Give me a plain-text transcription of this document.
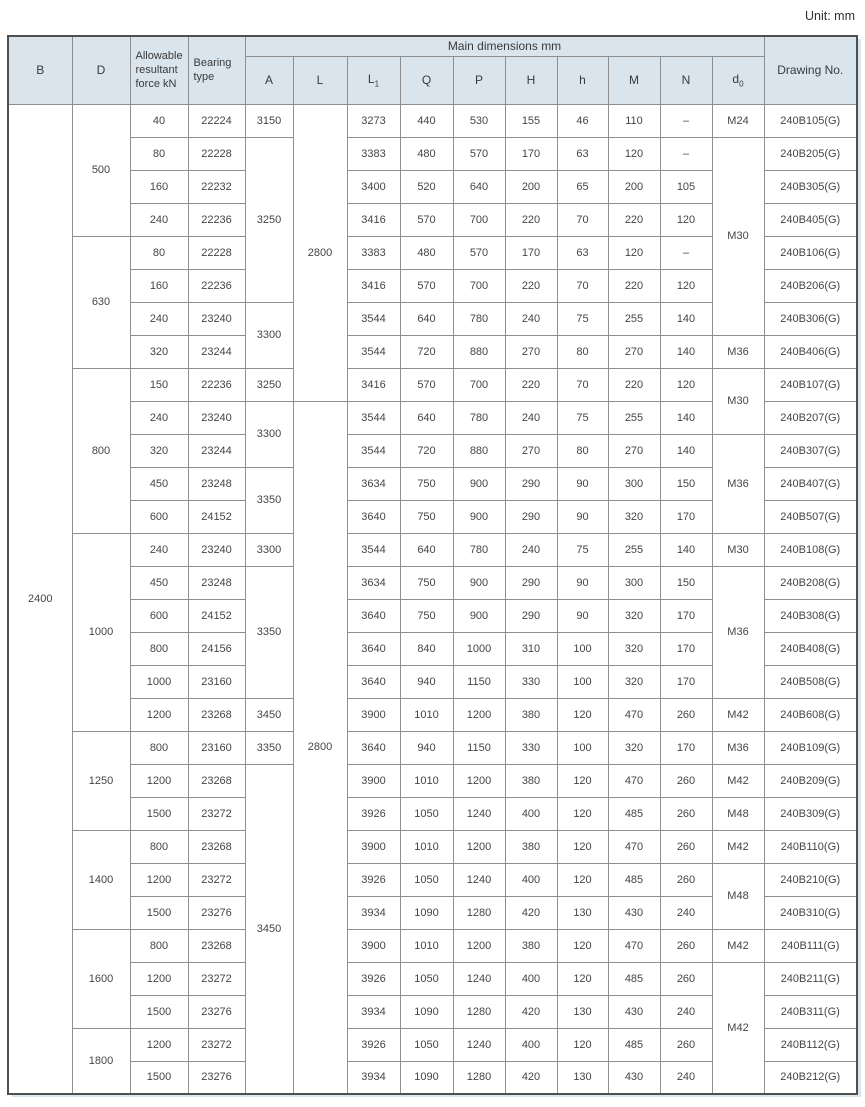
Unit: mm
B	D	Allowable resultant force kN	Bearing type	Main dimensions mm										Drawing No.
				A	L	$L_1$	Q	P	H	h	M	N	$d_0$
2400	500	40	22224	3150	2800	3273	440	530	155	46	110	–	M24	240B105(G)
		80	22228	3250		3383	480	570	170	63	120	–	M30	240B205(G)
		160	22232			3400	520	640	200	65	200	105		240B305(G)
		240	22236			3416	570	700	220	70	220	120		240B405(G)
	630	80	22228			3383	480	570	170	63	120	–		240B106(G)
		160	22236			3416	570	700	220	70	220	120		240B206(G)
		240	23240	3300		3544	640	780	240	75	255	140		240B306(G)
		320	23244			3544	720	880	270	80	270	140	M36	240B406(G)
	800	150	22236	3250		3416	570	700	220	70	220	120	M30	240B107(G)
		240	23240	3300	2800	3544	640	780	240	75	255	140		240B207(G)
		320	23244			3544	720	880	270	80	270	140	M36	240B307(G)
		450	23248	3350		3634	750	900	290	90	300	150		240B407(G)
		600	24152			3640	750	900	290	90	320	170		240B507(G)
	1000	240	23240	3300		3544	640	780	240	75	255	140	M30	240B108(G)
		450	23248	3350		3634	750	900	290	90	300	150	M36	240B208(G)
		600	24152			3640	750	900	290	90	320	170		240B308(G)
		800	24156			3640	840	1000	310	100	320	170		240B408(G)
		1000	23160			3640	940	1150	330	100	320	170		240B508(G)
		1200	23268	3450		3900	1010	1200	380	120	470	260	M42	240B608(G)
	1250	800	23160	3350		3640	940	1150	330	100	320	170	M36	240B109(G)
		1200	23268	3450		3900	1010	1200	380	120	470	260	M42	240B209(G)
		1500	23272			3926	1050	1240	400	120	485	260	M48	240B309(G)
	1400	800	23268			3900	1010	1200	380	120	470	260	M42	240B110(G)
		1200	23272			3926	1050	1240	400	120	485	260	M48	240B210(G)
		1500	23276			3934	1090	1280	420	130	430	240		240B310(G)
	1600	800	23268			3900	1010	1200	380	120	470	260	M42	240B111(G)
		1200	23272			3926	1050	1240	400	120	485	260	M42	240B211(G)
		1500	23276			3934	1090	1280	420	130	430	240		240B311(G)
	1800	1200	23272			3926	1050	1240	400	120	485	260		240B112(G)
		1500	23276			3934	1090	1280	420	130	430	240		240B212(G)
